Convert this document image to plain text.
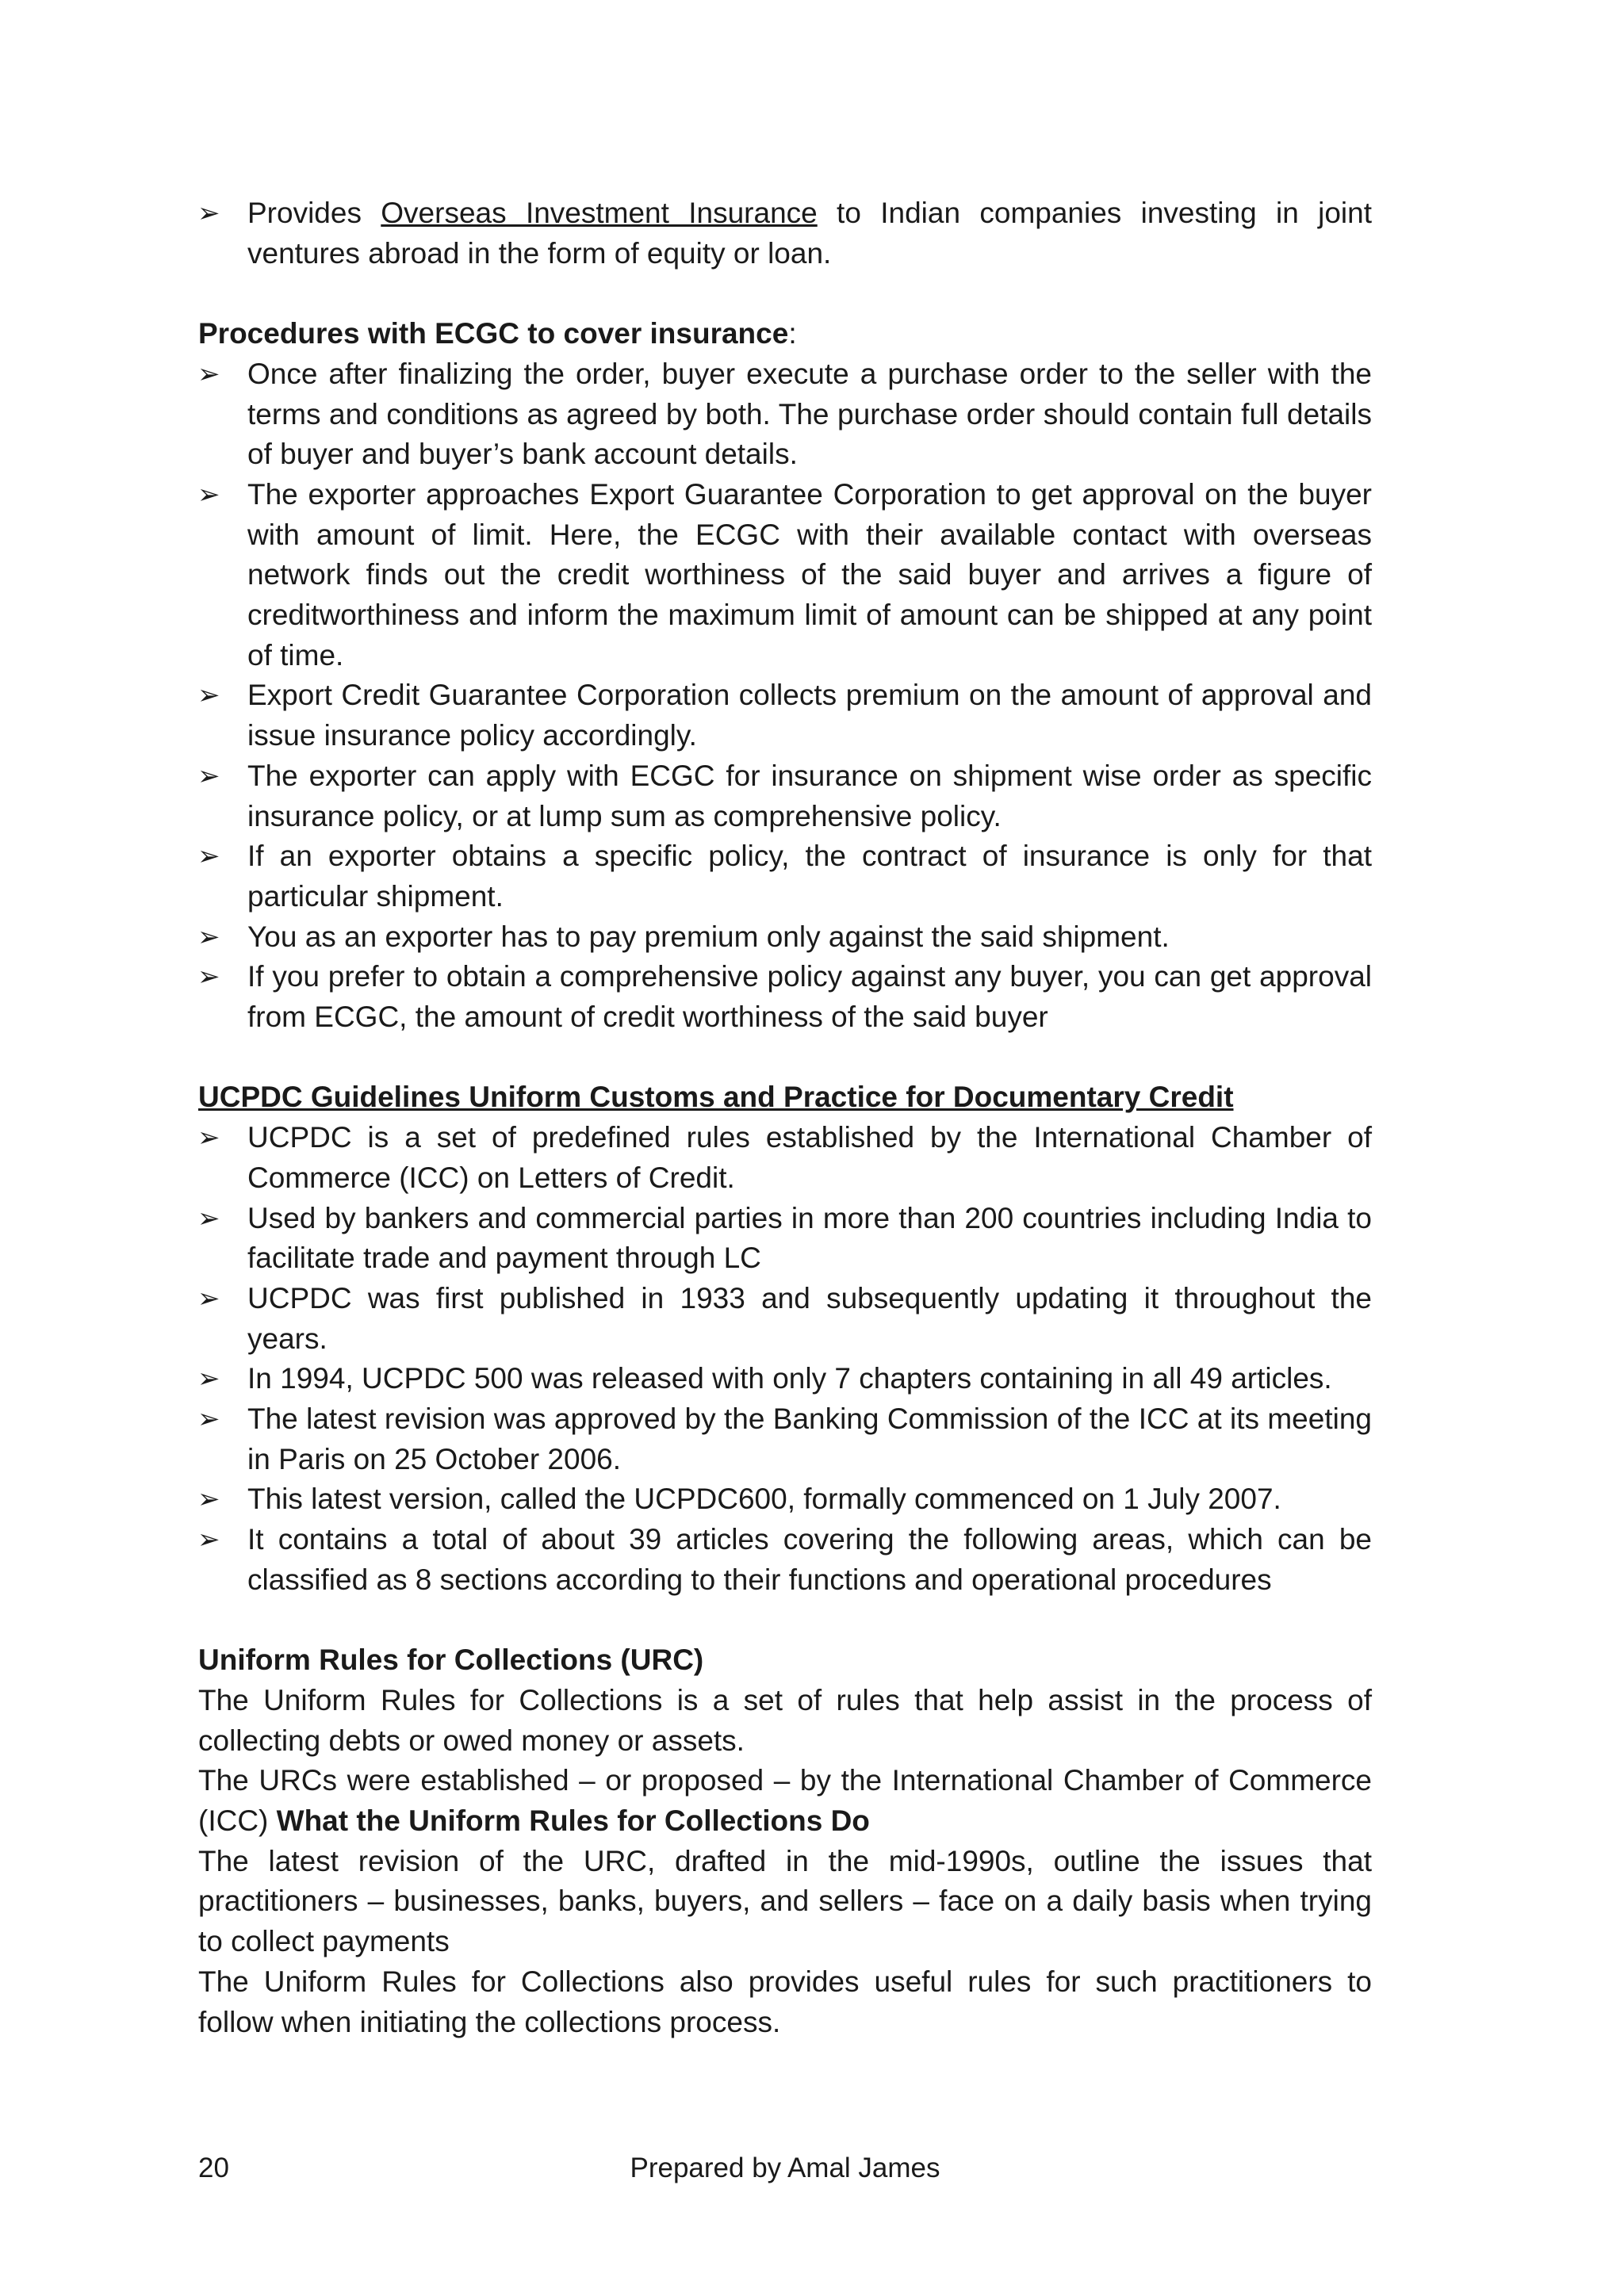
➢ Provides Overseas Investment Insurance to Indian companies investing in joint ventures abroad in the form of equity or loan.
Procedures with ECGC to cover insurance:
➢ Once after finalizing the order, buyer execute a purchase order to the seller with the terms and conditions as agreed by both. The purchase order should contain full details of buyer and buyer’s bank account details.
➢ The exporter approaches Export Guarantee Corporation to get approval on the buyer with amount of limit. Here, the ECGC with their available contact with overseas network finds out the credit worthiness of the said buyer and arrives a figure of creditworthiness and inform the maximum limit of amount can be shipped at any point of time.
➢ Export Credit Guarantee Corporation collects premium on the amount of approval and issue insurance policy accordingly.
➢ The exporter can apply with ECGC for insurance on shipment wise order as specific insurance policy, or at lump sum as comprehensive policy.
➢ If an exporter obtains a specific policy, the contract of insurance is only for that particular shipment.
➢ You as an exporter has to pay premium only against the said shipment.
➢ If you prefer to obtain a comprehensive policy against any buyer, you can get approval from ECGC, the amount of credit worthiness of the said buyer
UCPDC Guidelines Uniform Customs and Practice for Documentary Credit
➢ UCPDC is a set of predefined rules established by the International Chamber of Commerce (ICC) on Letters of Credit.
➢ Used by bankers and commercial parties in more than 200 countries including India to facilitate trade and payment through LC
➢ UCPDC was first published in 1933 and subsequently updating it throughout the years.
➢ In 1994, UCPDC 500 was released with only 7 chapters containing in all 49 articles.
➢ The latest revision was approved by the Banking Commission of the ICC at its meeting in Paris on 25 October 2006.
➢ This latest version, called the UCPDC600, formally commenced on 1 July 2007.
➢ It contains a total of about 39 articles covering the following areas, which can be classified as 8 sections according to their functions and operational procedures
Uniform Rules for Collections (URC)

The Uniform Rules for Collections is a set of rules that help assist in the process of collecting debts or owed money or assets.

The URCs were established – or proposed – by the International Chamber of Commerce (ICC) What the Uniform Rules for Collections Do

The latest revision of the URC, drafted in the mid-1990s, outline the issues that practitioners – businesses, banks, buyers, and sellers – face on a daily basis when trying to collect payments

The Uniform Rules for Collections also provides useful rules for such practitioners to follow when initiating the collections process.

20	Prepared by Amal James
